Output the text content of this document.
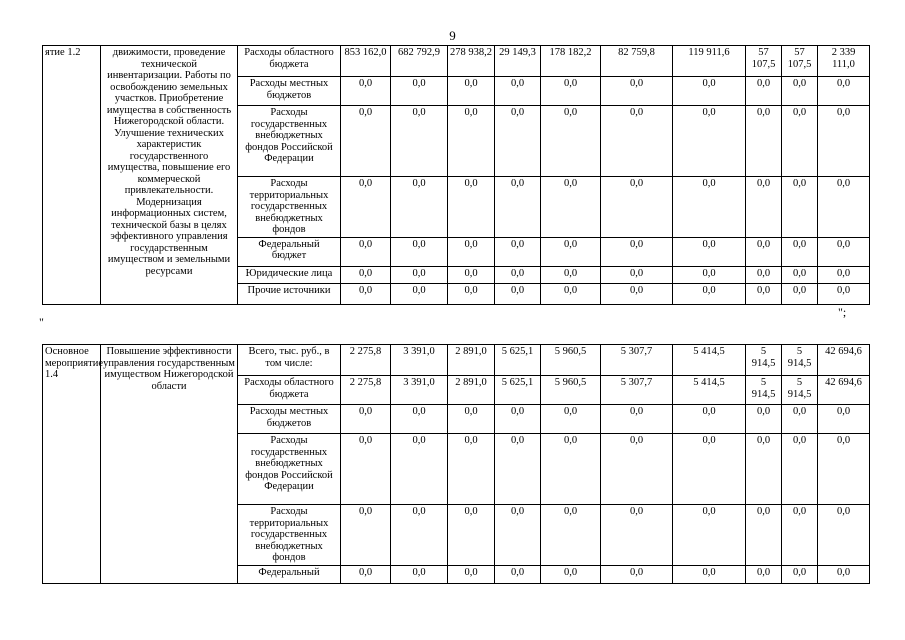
9
ятие 1.2	движимости, проведение технической инвентаризации. Работы по освобождению земельных участков. Приобретение имущества в собственность Нижегородской области. Улучшение технических характеристик государственного имущества, повышение его коммерческой привлекательности. Модернизация информационных систем, технической базы в целях эффективного управления государственным имуществом и земельными ресурсами	Расходы областного бюджета	853 162,0	682 792,9	278 938,2	29 149,3	178 182,2	82 759,8	119 911,6	57 107,5	57 107,5	2 339 111,0
		Расходы местных бюджетов	0,0	0,0	0,0	0,0	0,0	0,0	0,0	0,0	0,0	0,0
		Расходы государственных внебюджетных фондов Российской Федерации	0,0	0,0	0,0	0,0	0,0	0,0	0,0	0,0	0,0	0,0
		Расходы территориальных государственных внебюджетных фондов	0,0	0,0	0,0	0,0	0,0	0,0	0,0	0,0	0,0	0,0
		Федеральный бюджет	0,0	0,0	0,0	0,0	0,0	0,0	0,0	0,0	0,0	0,0
		Юридические лица	0,0	0,0	0,0	0,0	0,0	0,0	0,0	0,0	0,0	0,0
		Прочие источники	0,0	0,0	0,0	0,0	0,0	0,0	0,0	0,0	0,0	0,0
";
"
Основное мероприятие 1.4	Повышение эффективности управления государственным имуществом Нижегородской области	Всего, тыс. руб., в том числе:	2 275,8	3 391,0	2 891,0	5 625,1	5 960,5	5 307,7	5 414,5	5 914,5	5 914,5	42 694,6
		Расходы областного бюджета	2 275,8	3 391,0	2 891,0	5 625,1	5 960,5	5 307,7	5 414,5	5 914,5	5 914,5	42 694,6
		Расходы местных бюджетов	0,0	0,0	0,0	0,0	0,0	0,0	0,0	0,0	0,0	0,0
		Расходы государственных внебюджетных фондов Российской Федерации	0,0	0,0	0,0	0,0	0,0	0,0	0,0	0,0	0,0	0,0
		Расходы территориальных государственных внебюджетных фондов	0,0	0,0	0,0	0,0	0,0	0,0	0,0	0,0	0,0	0,0
		Федеральный	0,0	0,0	0,0	0,0	0,0	0,0	0,0	0,0	0,0	0,0
